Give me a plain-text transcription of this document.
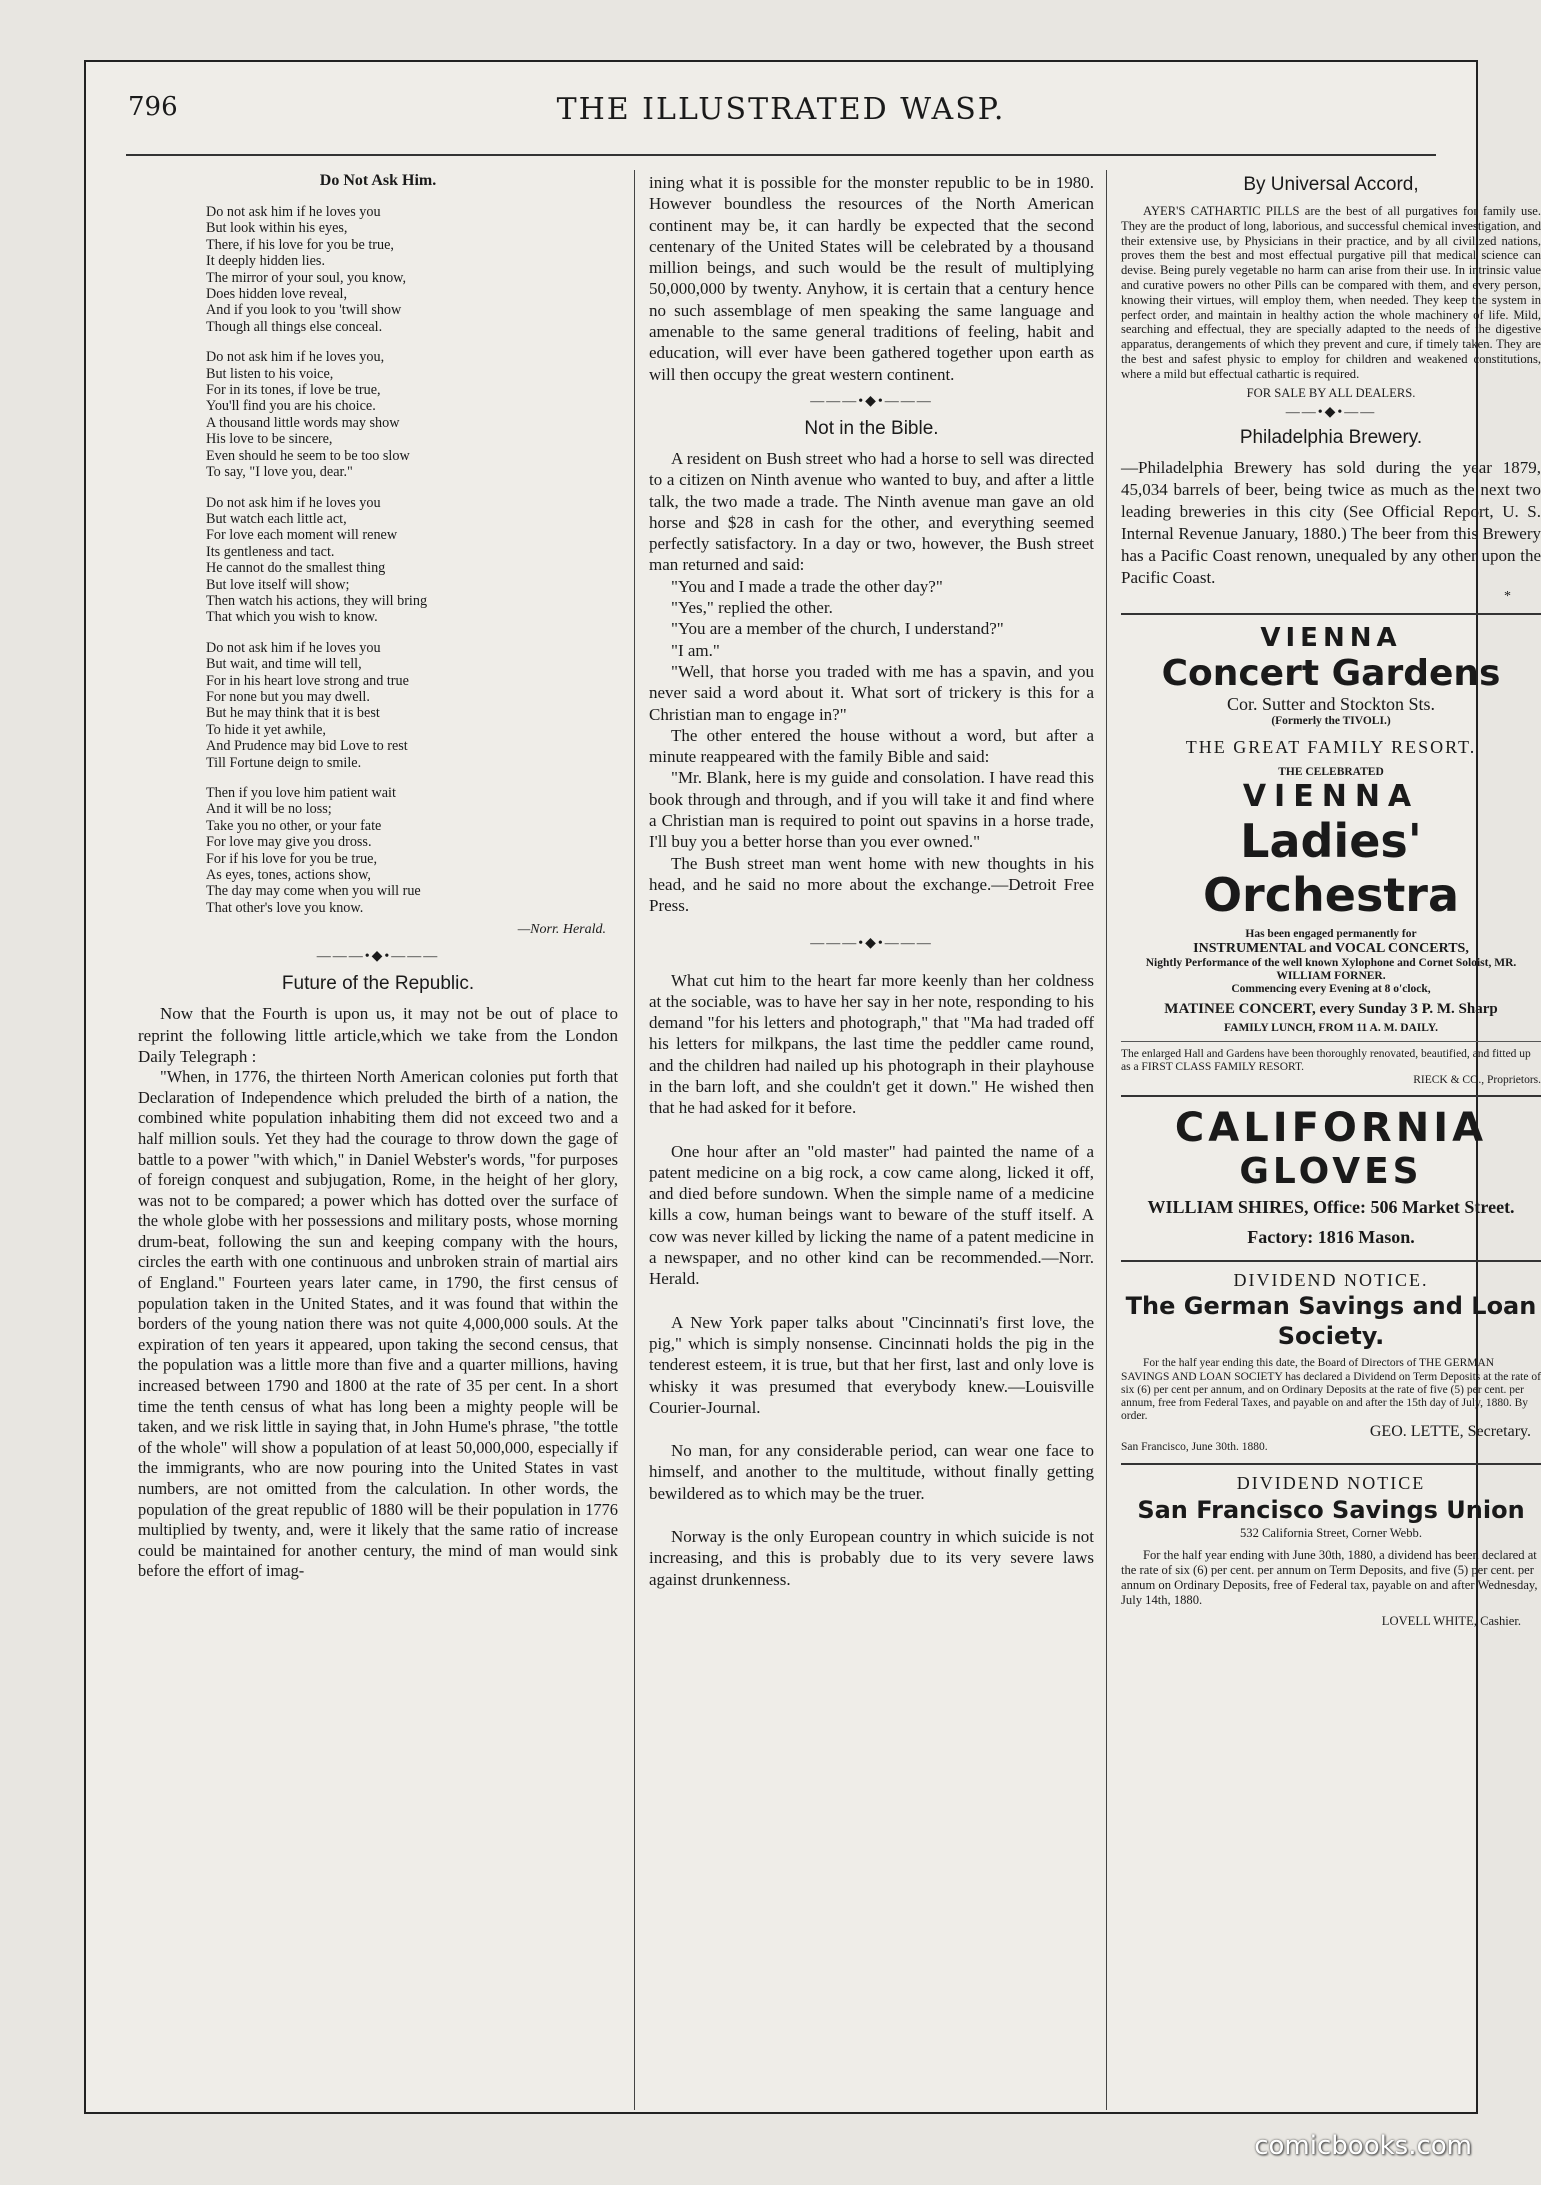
796	THE ILLUSTRATED WASP.
Do Not Ask Him.
Do not ask him if he loves you
But look within his eyes,
There, if his love for you be true,
It deeply hidden lies.
The mirror of your soul, you know,
Does hidden love reveal,
And if you look to you 'twill show
Though all things else conceal.
Do not ask him if he loves you,
But listen to his voice,
For in its tones, if love be true,
You'll find you are his choice.
A thousand little words may show
His love to be sincere,
Even should he seem to be too slow
To say, "I love you, dear."
Do not ask him if he loves you
But watch each little act,
For love each moment will renew
Its gentleness and tact.
He cannot do the smallest thing
But love itself will show;
Then watch his actions, they will bring
That which you wish to know.
Do not ask him if he loves you
But wait, and time will tell,
For in his heart love strong and true
For none but you may dwell.
But he may think that it is best
To hide it yet awhile,
And Prudence may bid Love to rest
Till Fortune deign to smile.
Then if you love him patient wait
And it will be no loss;
Take you no other, or your fate
For love may give you dross.
For if his love for you be true,
As eyes, tones, actions show,
The day may come when you will rue
That other's love you know.
—Norr. Herald.
———•◆•———
Future of the Republic.

Now that the Fourth is upon us, it may not be out of place to reprint the following little article,which we take from the London Daily Telegraph :

"When, in 1776, the thirteen North American colonies put forth that Declaration of Independence which preluded the birth of a nation, the combined white population inhabiting them did not exceed two and a half million souls. Yet they had the courage to throw down the gage of battle to a power "with which," in Daniel Webster's words, "for purposes of foreign conquest and subjugation, Rome, in the height of her glory, was not to be compared; a power which has dotted over the surface of the whole globe with her possessions and military posts, whose morning drum-beat, following the sun and keeping company with the hours, circles the earth with one continuous and unbroken strain of martial airs of England." Fourteen years later came, in 1790, the first census of population taken in the United States, and it was found that within the borders of the young nation there was not quite 4,000,000 souls. At the expiration of ten years it appeared, upon taking the second census, that the population was a little more than five and a quarter millions, having increased between 1790 and 1800 at the rate of 35 per cent. In a short time the tenth census of what has long been a mighty people will be taken, and we risk little in saying that, in John Hume's phrase, "the tottle of the whole" will show a population of at least 50,000,000, especially if the immigrants, who are now pouring into the United States in vast numbers, are not omitted from the calculation. In other words, the population of the great republic of 1880 will be their population in 1776 multiplied by twenty, and, were it likely that the same ratio of increase could be maintained for another century, the mind of man would sink before the effort of imag-

ining what it is possible for the monster republic to be in 1980. However boundless the resources of the North American continent may be, it can hardly be expected that the second centenary of the United States will be celebrated by a thousand million beings, and such would be the result of multiplying 50,000,000 by twenty. Anyhow, it is certain that a century hence no such assemblage of men speaking the same language and amenable to the same general traditions of feeling, habit and education, will ever have been gathered together upon earth as will then occupy the great western continent.

———•◆•———
Not in the Bible.

A resident on Bush street who had a horse to sell was directed to a citizen on Ninth avenue who wanted to buy, and after a little talk, the two made a trade. The Ninth avenue man gave an old horse and $28 in cash for the other, and everything seemed perfectly satisfactory. In a day or two, however, the Bush street man returned and said:

"You and I made a trade the other day?"

"Yes," replied the other.

"You are a member of the church, I understand?"

"I am."

"Well, that horse you traded with me has a spavin, and you never said a word about it. What sort of trickery is this for a Christian man to engage in?"

The other entered the house without a word, but after a minute reappeared with the family Bible and said:

"Mr. Blank, here is my guide and consolation. I have read this book through and through, and if you will take it and find where a Christian man is required to point out spavins in a horse trade, I'll buy you a better horse than you ever owned."

The Bush street man went home with new thoughts in his head, and he said no more about the exchange.—Detroit Free Press.

———•◆•———

What cut him to the heart far more keenly than her coldness at the sociable, was to have her say in her note, responding to his demand "for his letters and photograph," that "Ma had traded off his letters for milkpans, the last time the peddler came round, and the children had nailed up his photograph in their playhouse in the barn loft, and she couldn't get it down." He wished then that he had asked for it before.

One hour after an "old master" had painted the name of a patent medicine on a big rock, a cow came along, licked it off, and died before sundown. When the simple name of a medicine kills a cow, human beings want to beware of the stuff itself. A cow was never killed by licking the name of a patent medicine in a newspaper, and no other kind can be recommended.—Norr. Herald.

A New York paper talks about "Cincinnati's first love, the pig," which is simply nonsense. Cincinnati holds the pig in the tenderest esteem, it is true, but that her first, last and only love is whisky it was presumed that everybody knew.—Louisville Courier-Journal.

No man, for any considerable period, can wear one face to himself, and another to the multitude, without finally getting bewildered as to which may be the truer.

Norway is the only European country in which suicide is not increasing, and this is probably due to its very severe laws against drunkenness.

By Universal Accord,

AYER'S CATHARTIC PILLS are the best of all purgatives for family use. They are the product of long, laborious, and successful chemical investigation, and their extensive use, by Physicians in their practice, and by all civilized nations, proves them the best and most effectual purgative pill that medical science can devise. Being purely vegetable no harm can arise from their use. In intrinsic value and curative powers no other Pills can be compared with them, and every person, knowing their virtues, will employ them, when needed. They keep the system in perfect order, and maintain in healthy action the whole machinery of life. Mild, searching and effectual, they are specially adapted to the needs of the digestive apparatus, derangements of which they prevent and cure, if timely taken. They are the best and safest physic to employ for children and weakened constitutions, where a mild but effectual cathartic is required.

FOR SALE BY ALL DEALERS.
——•◆•——
Philadelphia Brewery.

—Philadelphia Brewery has sold during the year 1879, 45,034 barrels of beer, being twice as much as the next two leading breweries in this city (See Official Report, U. S. Internal Revenue January, 1880.) The beer from this Brewery has a Pacific Coast renown, unequaled by any other upon the Pacific Coast.

*
VIENNA
Concert Gardens
Cor. Sutter and Stockton Sts.
(Formerly the TIVOLI.)
THE GREAT FAMILY RESORT.
THE CELEBRATED
VIENNA
Ladies' Orchestra
Has been engaged permanently for
INSTRUMENTAL and VOCAL CONCERTS,
Nightly Performance of the well known Xylophone and Cornet Soloist, MR. WILLIAM FORNER.
Commencing every Evening at 8 o'clock,
MATINEE CONCERT, every Sunday 3 P. M. Sharp
FAMILY LUNCH, FROM 11 A. M. DAILY.
The enlarged Hall and Gardens have been thoroughly renovated, beautified, and fitted up as a FIRST CLASS FAMILY RESORT.
RIECK & CO., Proprietors.
CALIFORNIA
GLOVES
WILLIAM SHIRES, Office: 506 Market Street. Factory: 1816 Mason.
DIVIDEND NOTICE.
The German Savings and Loan Society.
For the half year ending this date, the Board of Directors of THE GERMAN SAVINGS AND LOAN SOCIETY has declared a Dividend on Term Deposits at the rate of six (6) per cent per annum, and on Ordinary Deposits at the rate of five (5) per cent. per annum, free from Federal Taxes, and payable on and after the 15th day of July, 1880. By order.
GEO. LETTE, Secretary.
San Francisco, June 30th. 1880.
DIVIDEND NOTICE
San Francisco Savings Union
532 California Street, Corner Webb.
For the half year ending with June 30th, 1880, a dividend has been declared at the rate of six (6) per cent. per annum on Term Deposits, and five (5) per cent. per annum on Ordinary Deposits, free of Federal tax, payable on and after Wednesday, July 14th, 1880.
LOVELL WHITE, Cashier.
comicbooks.com
